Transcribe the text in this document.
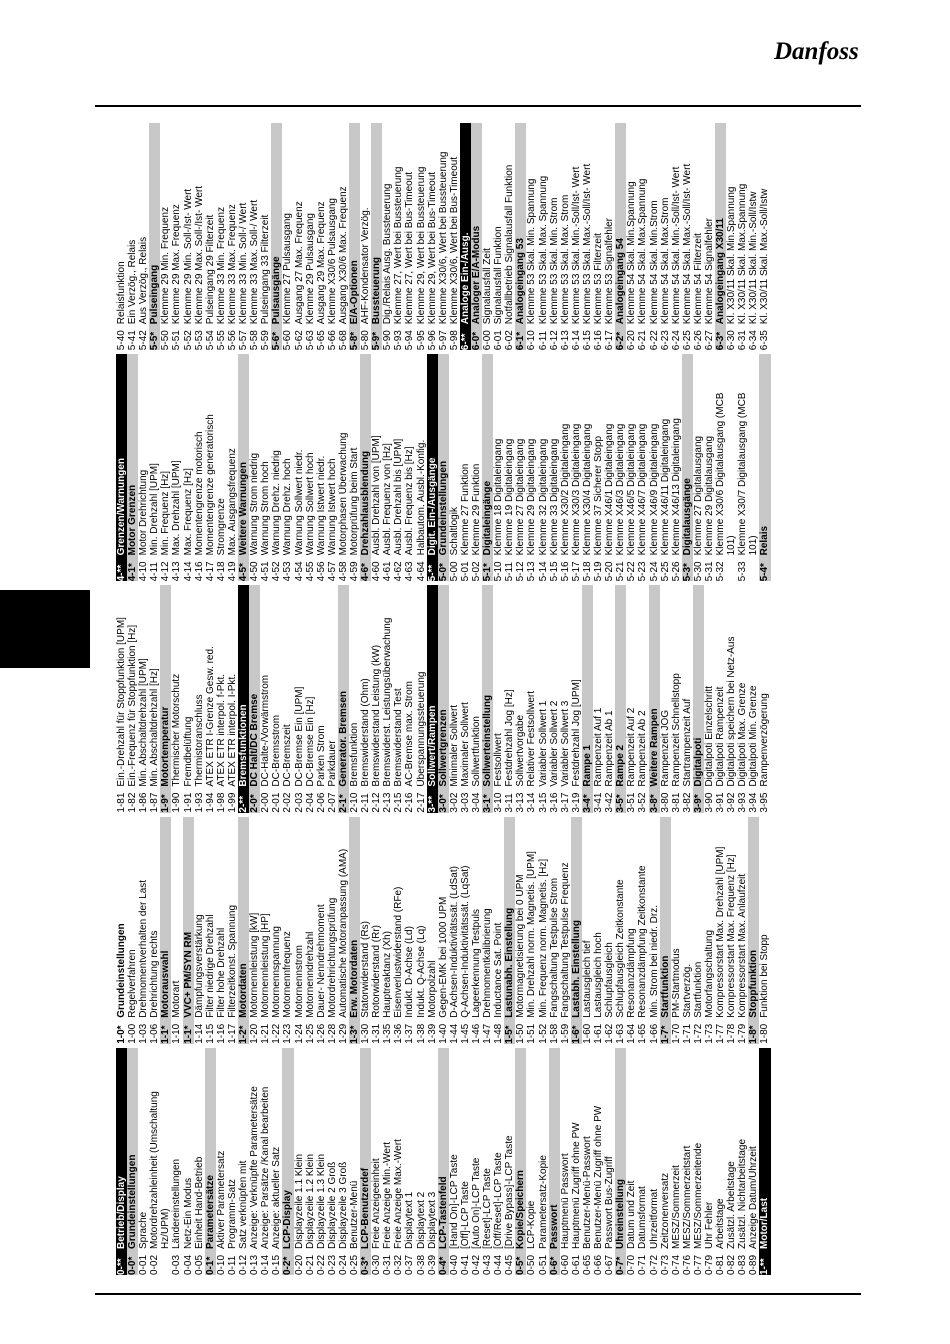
Danfoss
0-**
Betrieb/Display
0-0*
Grundeinstellungen
0-01
Sprache
0-02
Motordrehzahleinheit (Umschaltung Hz/UPM)
0-03
Ländereinstellungen
0-04
Netz-Ein Modus
0-05
Einheit Hand-Betrieb
0-1*
Parametersätze
0-10
Aktiver Parametersatz
0-11
Programm-Satz
0-12
Satz verknüpfen mit
0-13
Anzeige: Verknüpfte Parametersätze
0-14
Anzeige: Parsätze /Kanal bearbeiten
0-15
Anzeige: aktueller Satz
0-2*
LCP-Display
0-20
Displayzeile 1.1 Klein
0-21
Displayzeile 1.2 Klein
0-22
Displayzeile 1.3 Klein
0-23
Displayzeile 2 Groß
0-24
Displayzeile 3 Groß
0-25
Benutzer-Menü
0-3*
LCP-Benutzerdef
0-30
Freie Anzeigeeinheit
0-31
Freie Anzeige Min.-Wert
0-32
Freie Anzeige Max.-Wert
0-37
Displaytext 1
0-38
Displaytext 2
0-39
Displaytext 3
0-4*
LCP-Tastenfeld
0-40
[Hand On]-LCP Taste
0-41
[Off]-LCP Taste
0-42
[Auto On]-LCP Taste
0-43
[Reset]-LCP Taste
0-44
[Off/Reset]-LCP Taste
0-45
[Drive Bypass]-LCP Taste
0-5*
Kopie/Speichern
0-50
LCP-Kopie
0-51
Parametersatz-Kopie
0-6*
Passwort
0-60
Hauptmenü Passwort
0-61
Hauptmenü Zugriff ohne PW
0-65
Benutzer-Menü-Passwort
0-66
Benutzer-Menü Zugriff ohne PW
0-67
Passwort Bus-Zugriff
0-7*
Uhreinstellung
0-70
Datum und Zeit
0-71
Datumsformat
0-72
Uhrzeitformat
0-73
Zeitzonenversatz
0-74
MESZ/Sommerzeit
0-76
MESZ/Sommerzeitstart
0-77
MESZ/Sommerzeitende
0-79
Uhr Fehler
0-81
Arbeitstage
0-82
Zusätzl. Arbeitstage
0-83
Zusätzl. Nichtarbeitstage
0-89
Anzeige Datum/Uhrzeit
1-**
Motor/Last
1-0*
Grundeinstellungen
1-00
Regelverfahren
1-03
Drehmomentverhalten der Last
1-06
Drehrichtung rechts
1-1*
Motorauswahl
1-10
Motorart
1-1*
VVC+ PM/SYN RM
1-14
Dämpfungsverstärkung
1-15
Filter niedrige Drehzahl
1-16
Filter hohe Drehzahl
1-17
Filterzeitkonst. Spannung
1-2*
Motordaten
1-20
Motornennleistung [kW]
1-21
Motornennleistung [HP]
1-22
Motornennspannung
1-23
Motornennfrequenz
1-24
Motornennstrom
1-25
Motornenndrehzahl
1-26
Dauer- Nenndrehmoment
1-28
Motordrehrichtungsprüfung
1-29
Automatische Motoranpassung (AMA)
1-3*
Erw. Motordaten
1-30
Statorwiderstand (Rs)
1-31
Rotorwiderstand (Rr)
1-35
Hauptreaktanz (Xh)
1-36
Eisenverlustwiderstand (RFe)
1-37
Indukt. D-Achse (Ld)
1-38
Indukt. Q-Achse (Lq)
1-39
Motorpolzahl
1-40
Gegen-EMK bei 1000 UPM
1-44
D-Achsen-Induktivitätssät. (LdSat)
1-45
Q-Achsen-Induktivitätssät. (LqSat)
1-46
Lageerkennung Testpuls
1-47
Drehmomentkalibrierung
1-48
Inductance Sat. Point
1-5*
Lastunabh. Einstellung
1-50
Motormagnetisierung bei 0 UPM
1-51
Min. Drehzahl norm. Magnetis. [UPM]
1-52
Min. Frequenz norm. Magnetis. [Hz]
1-58
Fangschaltung Testpulse Strom
1-59
Fangschaltung Testpulse Frequenz
1-6*
Lastabh. Einstellung
1-60
Lastausgleich tief
1-61
Lastausgleich hoch
1-62
Schlupfausgleich
1-63
Schlupfausgleich Zeitkonstante
1-64
Resonanzdämpfung
1-65
Resonanzdämpfung Zeitkonstante
1-66
Min. Strom bei niedr. Drz.
1-7*
Startfunktion
1-70
PM-Startmodus
1-71
Startverzög.
1-72
Startfunktion
1-73
Motorfangschaltung
1-77
Kompressorstart Max. Drehzahl [UPM]
1-78
Kompressorstart Max. Frequenz [Hz]
1-79
Kompressorstart Max. Anlaufzeit
1-8*
Stoppfunktion
1-80
Funktion bei Stopp
1-81
Ein.-Drehzahl für Stoppfunktion [UPM]
1-82
Ein.-Frequenz für Stoppfunktion [Hz]
1-86
Min. Abschaltdrehzahl [UPM]
1-87
Min. Abschaltdrehzahl [Hz]
1-9*
Motortemperatur
1-90
Thermischer Motorschutz
1-91
Fremdbelüftung
1-93
Thermistoranschluss
1-94
ATEX ETR I-Grenze Gesw. red.
1-98
ATEX ETR interpol. f-Pkt.
1-99
ATEX ETR interpol. I-Pkt.
2-**
Bremsfunktionen
2-0*
DC Halt/DC Bremse
2-00
DC-Halte-/Vorwärmstrom
2-01
DC-Bremsstrom
2-02
DC-Bremszeit
2-03
DC-Bremse Ein [UPM]
2-04
DC-Bremse Ein [Hz]
2-06
Parken Strom
2-07
Parkdauer
2-1*
Generator. Bremsen
2-10
Bremsfunktion
2-11
Bremswiderstand (Ohm)
2-12
Bremswiderstand Leistung (kW)
2-13
Bremswiderst. Leistungsüberwachung
2-15
Bremswiderstand Test
2-16
AC-Bremse max. Strom
2-17
Überspannungssteuerung
3-**
Sollwert/Rampen
3-0*
Sollwertgrenzen
3-02
Minimaler Sollwert
3-03
Maximaler Sollwert
3-04
Sollwertfunktion
3-1*
Sollwerteinstellung
3-10
Festsollwert
3-11
Festdrehzahl Jog [Hz]
3-13
Sollwertvorgabe
3-14
Relativer Festsollwert
3-15
Variabler Sollwert 1
3-16
Variabler Sollwert 2
3-17
Variabler Sollwert 3
3-19
Festdrehzahl Jog [UPM]
3-4*
Rampe 1
3-41
Rampenzeit Auf 1
3-42
Rampenzeit Ab 1
3-5*
Rampe 2
3-51
Rampenzeit Auf 2
3-52
Rampenzeit Ab 2
3-8*
Weitere Rampen
3-80
Rampenzeit JOG
3-81
Rampenzeit Schnellstopp
3-82
Startrampenzeit Auf
3-9*
Digitalpoti
3-90
Digitalpoti Einzelschritt
3-91
Digitalpoti Rampenzeit
3-92
Digitalpoti speichern bei Netz-Aus
3-93
Digitalpoti Max. Grenze
3-94
Digitalpoti Min. Grenze
3-95
Rampenverzögerung
4-**
Grenzen/Warnungen
4-1*
Motor Grenzen
4-10
Motor Drehrichtung
4-11
Min. Drehzahl [UPM]
4-12
Min. Frequenz [Hz]
4-13
Max. Drehzahl [UPM]
4-14
Max. Frequenz [Hz]
4-16
Momentengrenze motorisch
4-17
Momentengrenze generatorisch
4-18
Stromgrenze
4-19
Max. Ausgangsfrequenz
4-5*
Weitere Warnungen
4-50
Warnung Strom niedrig
4-51
Warnung Strom hoch
4-52
Warnung Drehz. niedrig
4-53
Warnung Drehz. hoch
4-54
Warnung Sollwert niedr.
4-55
Warnung Sollwert hoch
4-56
Warnung Istwert niedr.
4-57
Warnung Istwert hoch
4-58
Motorphasen Überwachung
4-59
Motorprüfung beim Start
4-6*
Drehzahlausblendung
4-60
Ausbl. Drehzahl von [UPM]
4-61
Ausbl. Frequenz von [Hz]
4-62
Ausbl. Drehzahl bis [UPM]
4-63
Ausbl. Frequenz bis [Hz]
4-64
Halbautom. Ausbl.-Konfig.
5-**
Digit. Ein-/Ausgänge
5-0*
Grundeinstellungen
5-00
Schaltlogik
5-01
Klemme 27 Funktion
5-02
Klemme 29 Funktion
5-1*
Digitaleingänge
5-10
Klemme 18 Digitaleingang
5-11
Klemme 19 Digitaleingang
5-12
Klemme 27 Digitaleingang
5-13
Klemme 29 Digitaleingang
5-14
Klemme 32 Digitaleingang
5-15
Klemme 33 Digitaleingang
5-16
Klemme X30/2 Digitaleingang
5-17
Klemme X30/3 Digitaleingang
5-18
Klemme X30/4 Digitaleingang
5-19
Klemme 37 Sicherer Stopp
5-20
Klemme X46/1 Digitaleingang
5-21
Klemme X46/3 Digitaleingang
5-22
Klemme X46/5 Digitaleingang
5-23
Klemme X46/7 Digitaleingang
5-24
Klemme X46/9 Digitaleingang
5-25
Klemme X46/11 Digitaleingang
5-26
Klemme X46/13 Digitaleingang
5-3*
Digitalausgänge
5-30
Klemme 27 Digitalausgang
5-31
Klemme 29 Digitalausgang
5-32
Klemme X30/6 Digitalausgang (MCB 101)
5-33
Klemme X30/7 Digitalausgang (MCB 101)
5-4*
Relais
5-40
Relaisfunktion
5-41
Ein Verzög., Relais
5-42
Aus Verzög., Relais
5-5*
Pulseingang
5-50
Klemme 29 Min. Frequenz
5-51
Klemme 29 Max. Frequenz
5-52
Klemme 29 Min. Soll-/Ist- Wert
5-53
Klemme 29 Max. Soll-/Ist- Wert
5-54
Pulseingang 29 Filterzeit
5-55
Klemme 33 Min. Frequenz
5-56
Klemme 33 Max. Frequenz
5-57
Klemme 33 Min. Soll-/ Wert
5-58
Klemme 33 Max. Soll-/ Wert
5-59
Pulseingang 33 Filterzeit
5-6*
Pulsausgänge
5-60
Klemme 27 Pulsausgang
5-62
Ausgang 27 Max. Frequenz
5-63
Klemme 29 Pulsausgang
5-65
Ausgang 29 Max. Frequenz
5-66
Klemme X30/6 Pulsausgang
5-68
Ausgang X30/6 Max. Frequenz
5-8*
E/A-Optionen
5-80
AHF-Kondensator Verzög.
5-9*
Bussteuerung
5-90
Dig./Relais Ausg. Bussteuerung
5-93
Klemme 27, Wert bei Bussteuerung
5-94
Klemme 27, Wert bei Bus-Timeout
5-95
Klemme 29, Wert bei Bussteuerung
5-96
Klemme 29, Wert bei Bus-Timeout
5-97
Klemme X30/6, Wert bei Bussteuerung
5-98
Klemme X30/6, Wert bei Bus-Timeout
6-**
Analoge Ein-/Ausg.
6-0*
Analoger E/A-Modus
6-00
Signalausfall Zeit
6-01
Signalausfall Funktion
6-02
Notfallbetrieb Signalausfall Funktion
6-1*
Analogeingang 53
6-10
Klemme 53 Skal. Min. Spannung
6-11
Klemme 53 Skal. Max. Spannung
6-12
Klemme 53 Skal. Min. Strom
6-13
Klemme 53 Skal. Max. Strom
6-14
Klemme 53 Skal. Min.-Soll/Ist- Wert
6-15
Klemme 53 Skal. Max.-Soll/Ist- Wert
6-16
Klemme 53 Filterzeit
6-17
Klemme 53 Signalfehler
6-2*
Analogeingang 54
6-20
Klemme 54 Skal. Min.Spannung
6-21
Klemme 54 Skal. Max.Spannung
6-22
Klemme 54 Skal. Min.Strom
6-23
Klemme 54 Skal. Max.Strom
6-24
Klemme 54 Skal. Min.-Soll/Ist- Wert
6-25
Klemme 54 Skal. Max.-Soll/Ist- Wert
6-26
Klemme 54 Filterzeit
6-27
Klemme 54 Signalfehler
6-3*
Analogeingang X30/11
6-30
Kl. X30/11 Skal. Min.Spannung
6-31
Kl. X30/11 Skal. Max.Spannung
6-34
Kl. X30/11 Skal. Min.-Soll/Istw
6-35
Kl. X30/11 Skal. Max.-Soll/Istw
